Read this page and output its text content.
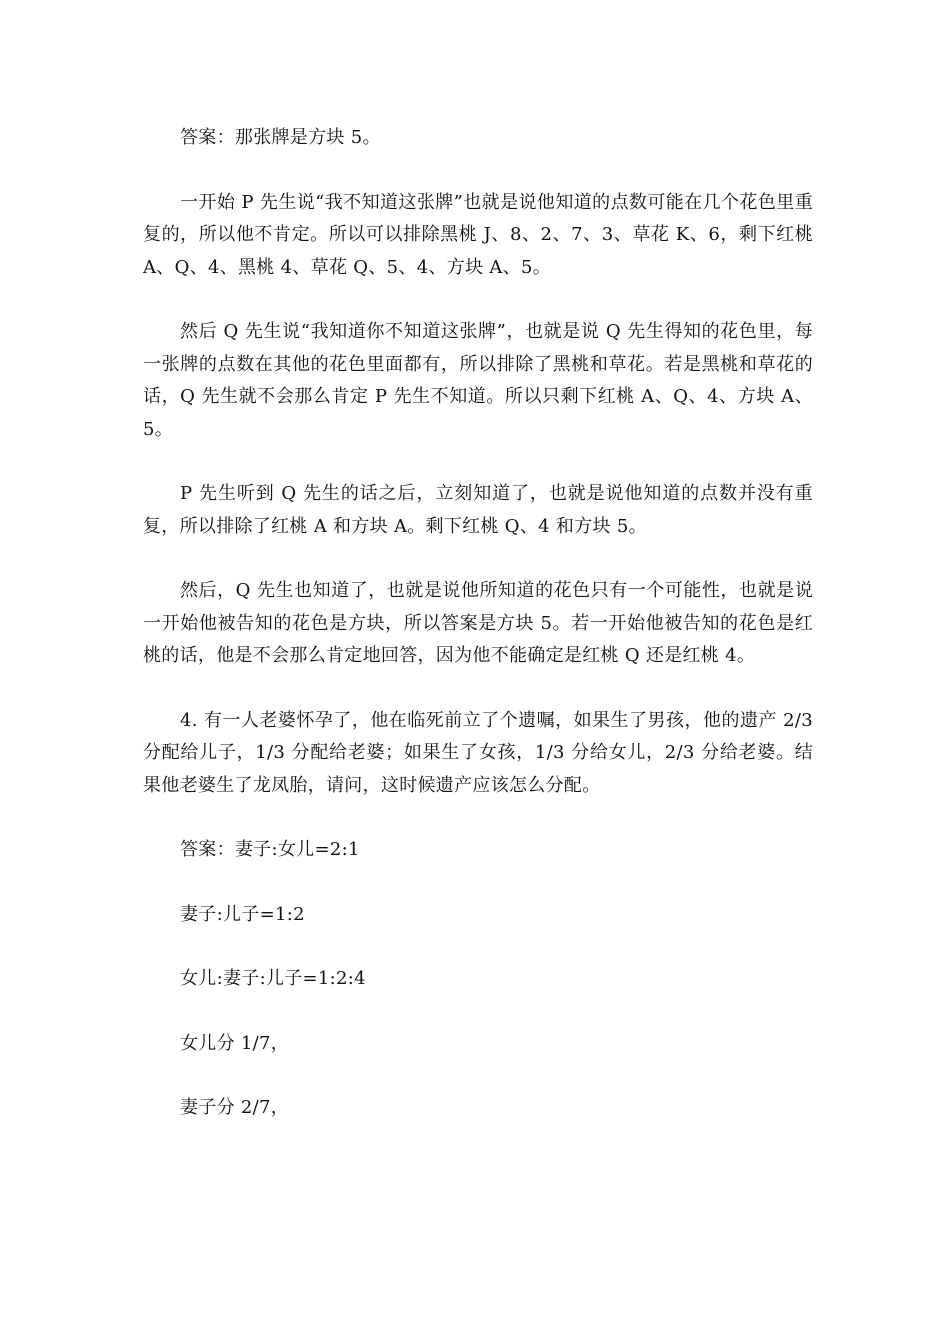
答案：那张牌是方块 5。

一开始 P 先生说“我不知道这张牌”也就是说他知道的点数可能在几个花色里重复的，所以他不肯定。所以可以排除黑桃 J、8、2、7、3、草花 K、6，剩下红桃 A、Q、4、黑桃 4、草花 Q、5、4、方块 A、5。

然后 Q 先生说“我知道你不知道这张牌”，也就是说 Q 先生得知的花色里，每一张牌的点数在其他的花色里面都有，所以排除了黑桃和草花。若是黑桃和草花的话，Q 先生就不会那么肯定 P 先生不知道。所以只剩下红桃 A、Q、4、方块 A、5。

P 先生听到 Q 先生的话之后，立刻知道了，也就是说他知道的点数并没有重复，所以排除了红桃 A 和方块 A。剩下红桃 Q、4 和方块 5。

然后，Q 先生也知道了，也就是说他所知道的花色只有一个可能性，也就是说一开始他被告知的花色是方块，所以答案是方块 5。若一开始他被告知的花色是红桃的话，他是不会那么肯定地回答，因为他不能确定是红桃 Q 还是红桃 4。

4. 有一人老婆怀孕了，他在临死前立了个遗嘱，如果生了男孩，他的遗产 2/3 分配给儿子，1/3 分配给老婆；如果生了女孩，1/3 分给女儿，2/3 分给老婆。结果他老婆生了龙凤胎，请问，这时候遗产应该怎么分配。

答案：妻子:女儿=2:1

妻子:儿子=1:2

女儿:妻子:儿子=1:2:4

女儿分 1/7，

妻子分 2/7，
